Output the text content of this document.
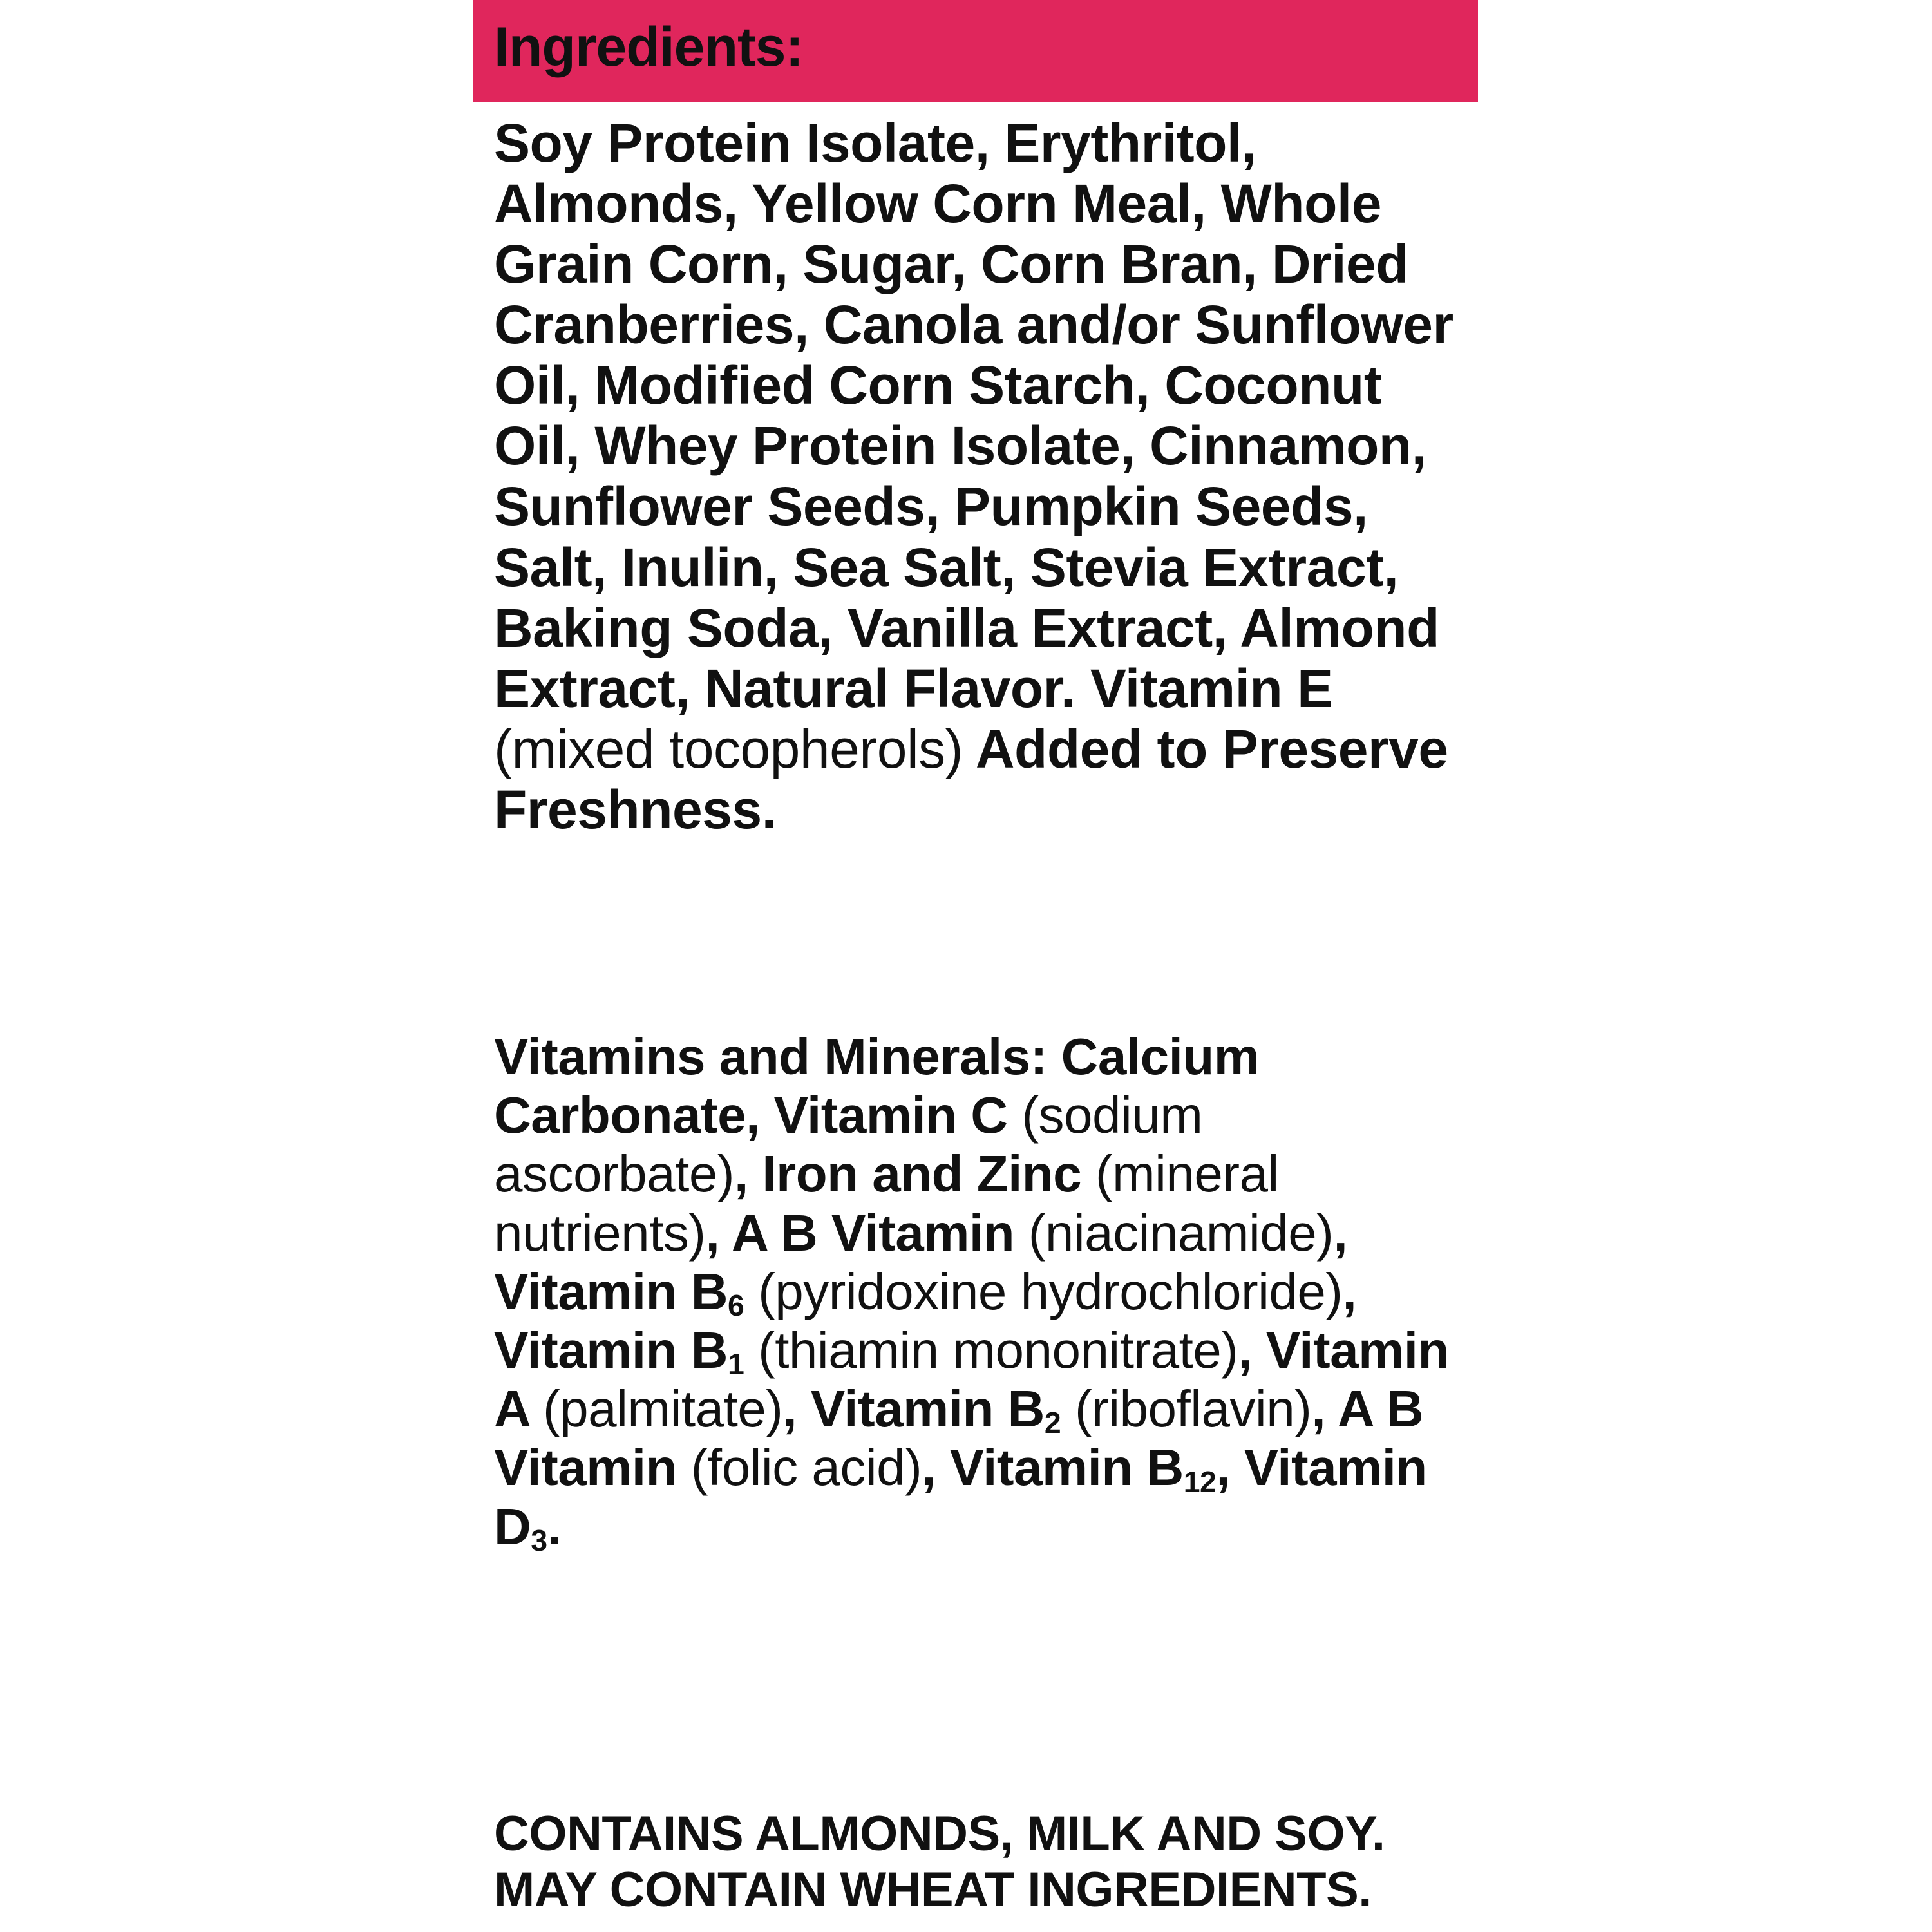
Ingredients:
Soy Protein Isolate, Erythritol, Almonds, Yellow Corn Meal, Whole Grain Corn, Sugar, Corn Bran, Dried Cranberries, Canola and/or Sunflower Oil, Modified Corn Starch, Coconut Oil, Whey Protein Isolate, Cinnamon, Sunflower Seeds, Pumpkin Seeds, Salt, Inulin, Sea Salt, Stevia Extract, Baking Soda, Vanilla Extract, Almond Extract, Natural Flavor. Vitamin E (mixed tocopherols) Added to Preserve Freshness.
Vitamins and Minerals: Calcium Carbonate, Vitamin C (sodium ascorbate), Iron and Zinc (mineral nutrients), A B Vitamin (niacinamide), Vitamin $B_6$ (pyridoxine hydrochloride), Vitamin $B_1$ (thiamin mononitrate), Vitamin A (palmitate), Vitamin $B_2$ (riboflavin), A B Vitamin (folic acid), Vitamin $B_{12}$, Vitamin $D_3$.
CONTAINS ALMONDS, MILK AND SOY. MAY CONTAIN WHEAT INGREDIENTS.
